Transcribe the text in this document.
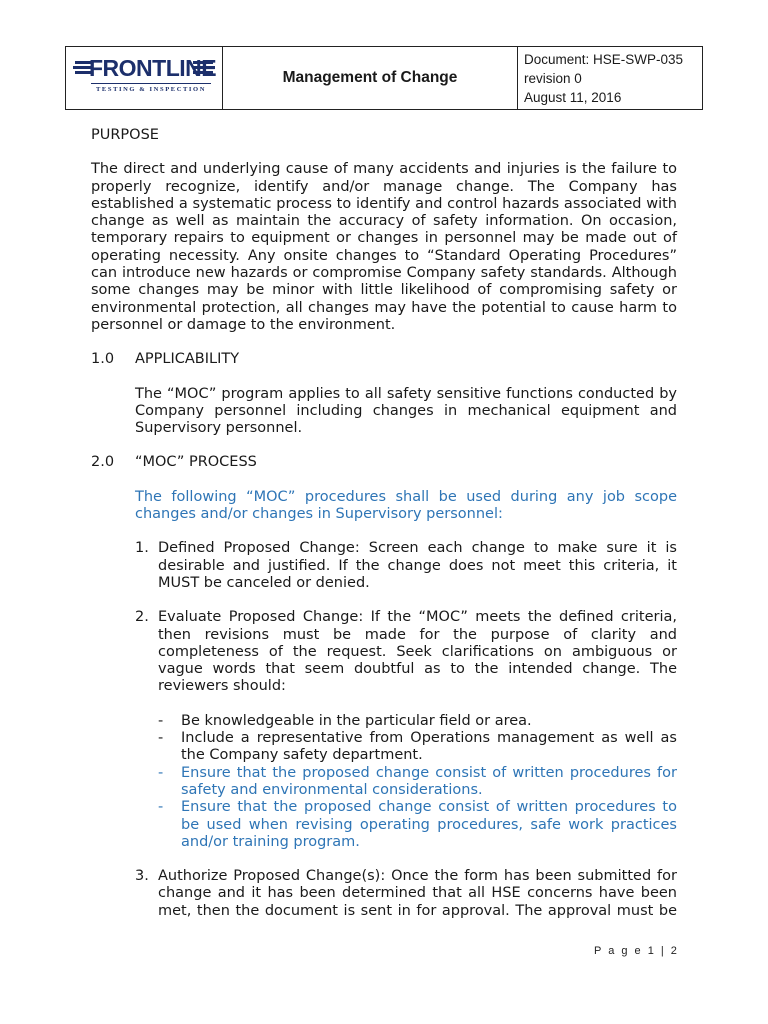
FRONTLINE
TESTING & INSPECTION
	Management of Change	
Document: HSE-SWP-035
revision 0
August 11, 2016

PURPOSE

The direct and underlying cause of many accidents and injuries is the failure to properly recognize, identify and/or manage change. The Company has established a systematic process to identify and control hazards associated with change as well as maintain the accuracy of safety information. On occasion, temporary repairs to equipment or changes in personnel may be made out of operating necessity. Any onsite changes to “Standard Operating Procedures” can introduce new hazards or compromise Company safety standards. Although some changes may be minor with little likelihood of compromising safety or environmental protection, all changes may have the potential to cause harm to personnel or damage to the environment.

1.0	APPLICABILITY

The “MOC” program applies to all safety sensitive functions conducted by Company personnel including changes in mechanical equipment and Supervisory personnel.

2.0	“MOC” PROCESS

The following “MOC” procedures shall be used during any job scope changes and/or changes in Supervisory personnel:

1. Defined Proposed Change: Screen each change to make sure it is desirable and justified. If the change does not meet this criteria, it MUST be canceled or denied.
2. Evaluate Proposed Change: If the “MOC” meets the defined criteria, then revisions must be made for the purpose of clarity and completeness of the request. Seek clarifications on ambiguous or vague words that seem doubtful as to the intended change. The reviewers should:
-	Be knowledgeable in the particular field or area.
-	Include a representative from Operations management as well as the Company safety department.
-	Ensure that the proposed change consist of written procedures for safety and environmental considerations.
-	Ensure that the proposed change consist of written procedures to be used when revising operating procedures, safe work practices and/or training program.
3. Authorize Proposed Change(s): Once the form has been submitted for change and it has been determined that all HSE concerns have been met, then the document is sent in for approval. The approval must be
P a g e 1 | 2
